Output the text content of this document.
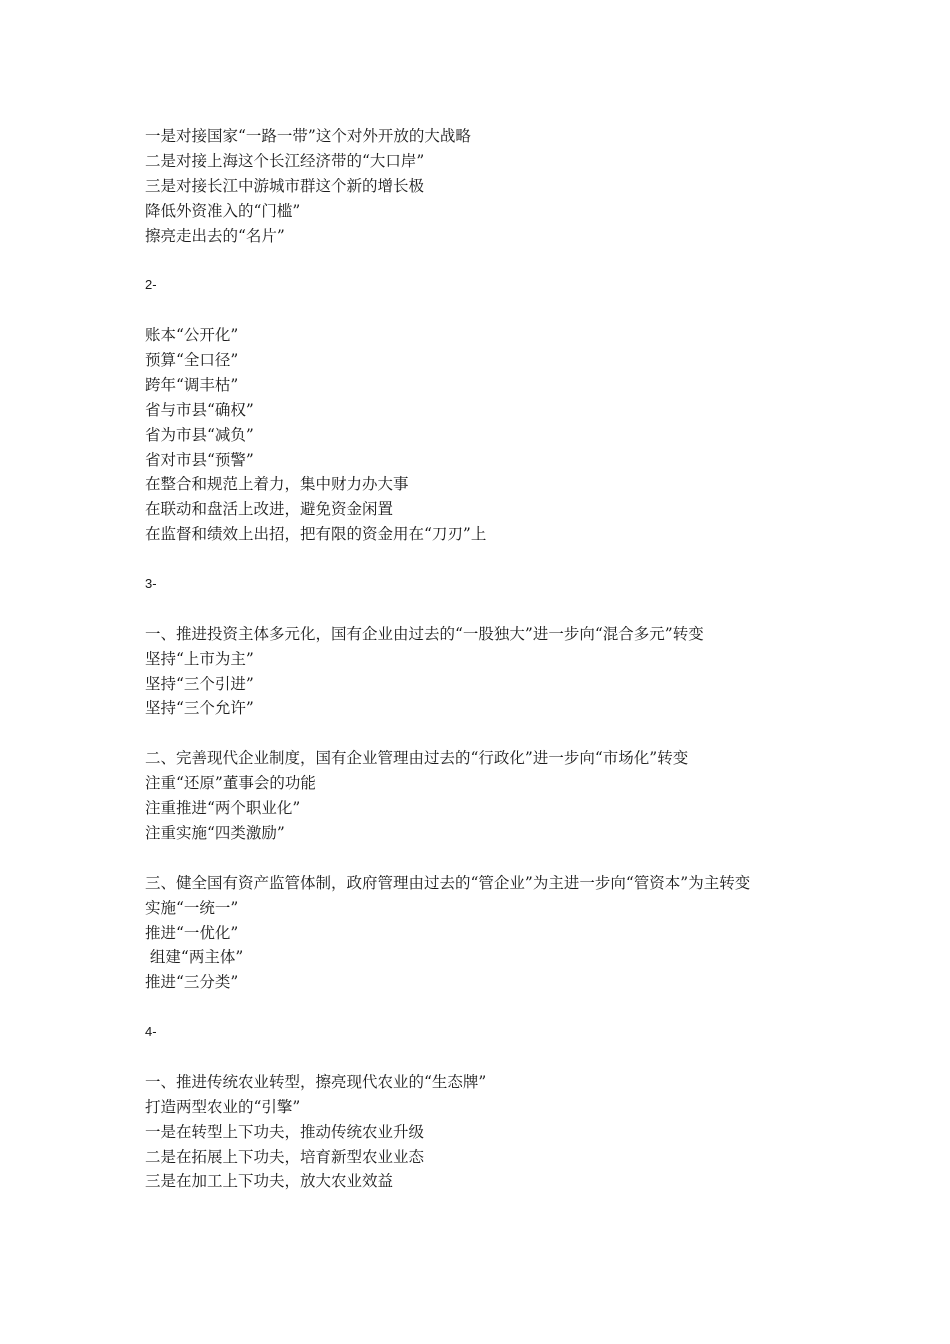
一是对接国家“一路一带”这个对外开放的大战略
二是对接上海这个长江经济带的“大口岸”
三是对接长江中游城市群这个新的增长极
降低外资准入的“门槛”
擦亮走出去的“名片”
2-
账本“公开化”
预算“全口径”
跨年“调丰枯”
省与市县“确权”
省为市县“减负”
省对市县“预警”
在整合和规范上着力，集中财力办大事
在联动和盘活上改进，避免资金闲置
在监督和绩效上出招，把有限的资金用在“刀刃”上
3-
一、推进投资主体多元化，国有企业由过去的“一股独大”进一步向“混合多元”转变
坚持“上市为主”
坚持“三个引进”
坚持“三个允许”
二、完善现代企业制度，国有企业管理由过去的“行政化”进一步向“市场化”转变
注重“还原”董事会的功能
注重推进“两个职业化”
注重实施“四类激励”
三、健全国有资产监管体制，政府管理由过去的“管企业”为主进一步向“管资本”为主转变
实施“一统一”
推进“一优化”
组建“两主体”
推进“三分类”
4-
一、推进传统农业转型，擦亮现代农业的“生态牌”
打造两型农业的“引擎”
一是在转型上下功夫，推动传统农业升级
二是在拓展上下功夫，培育新型农业业态
三是在加工上下功夫，放大农业效益
